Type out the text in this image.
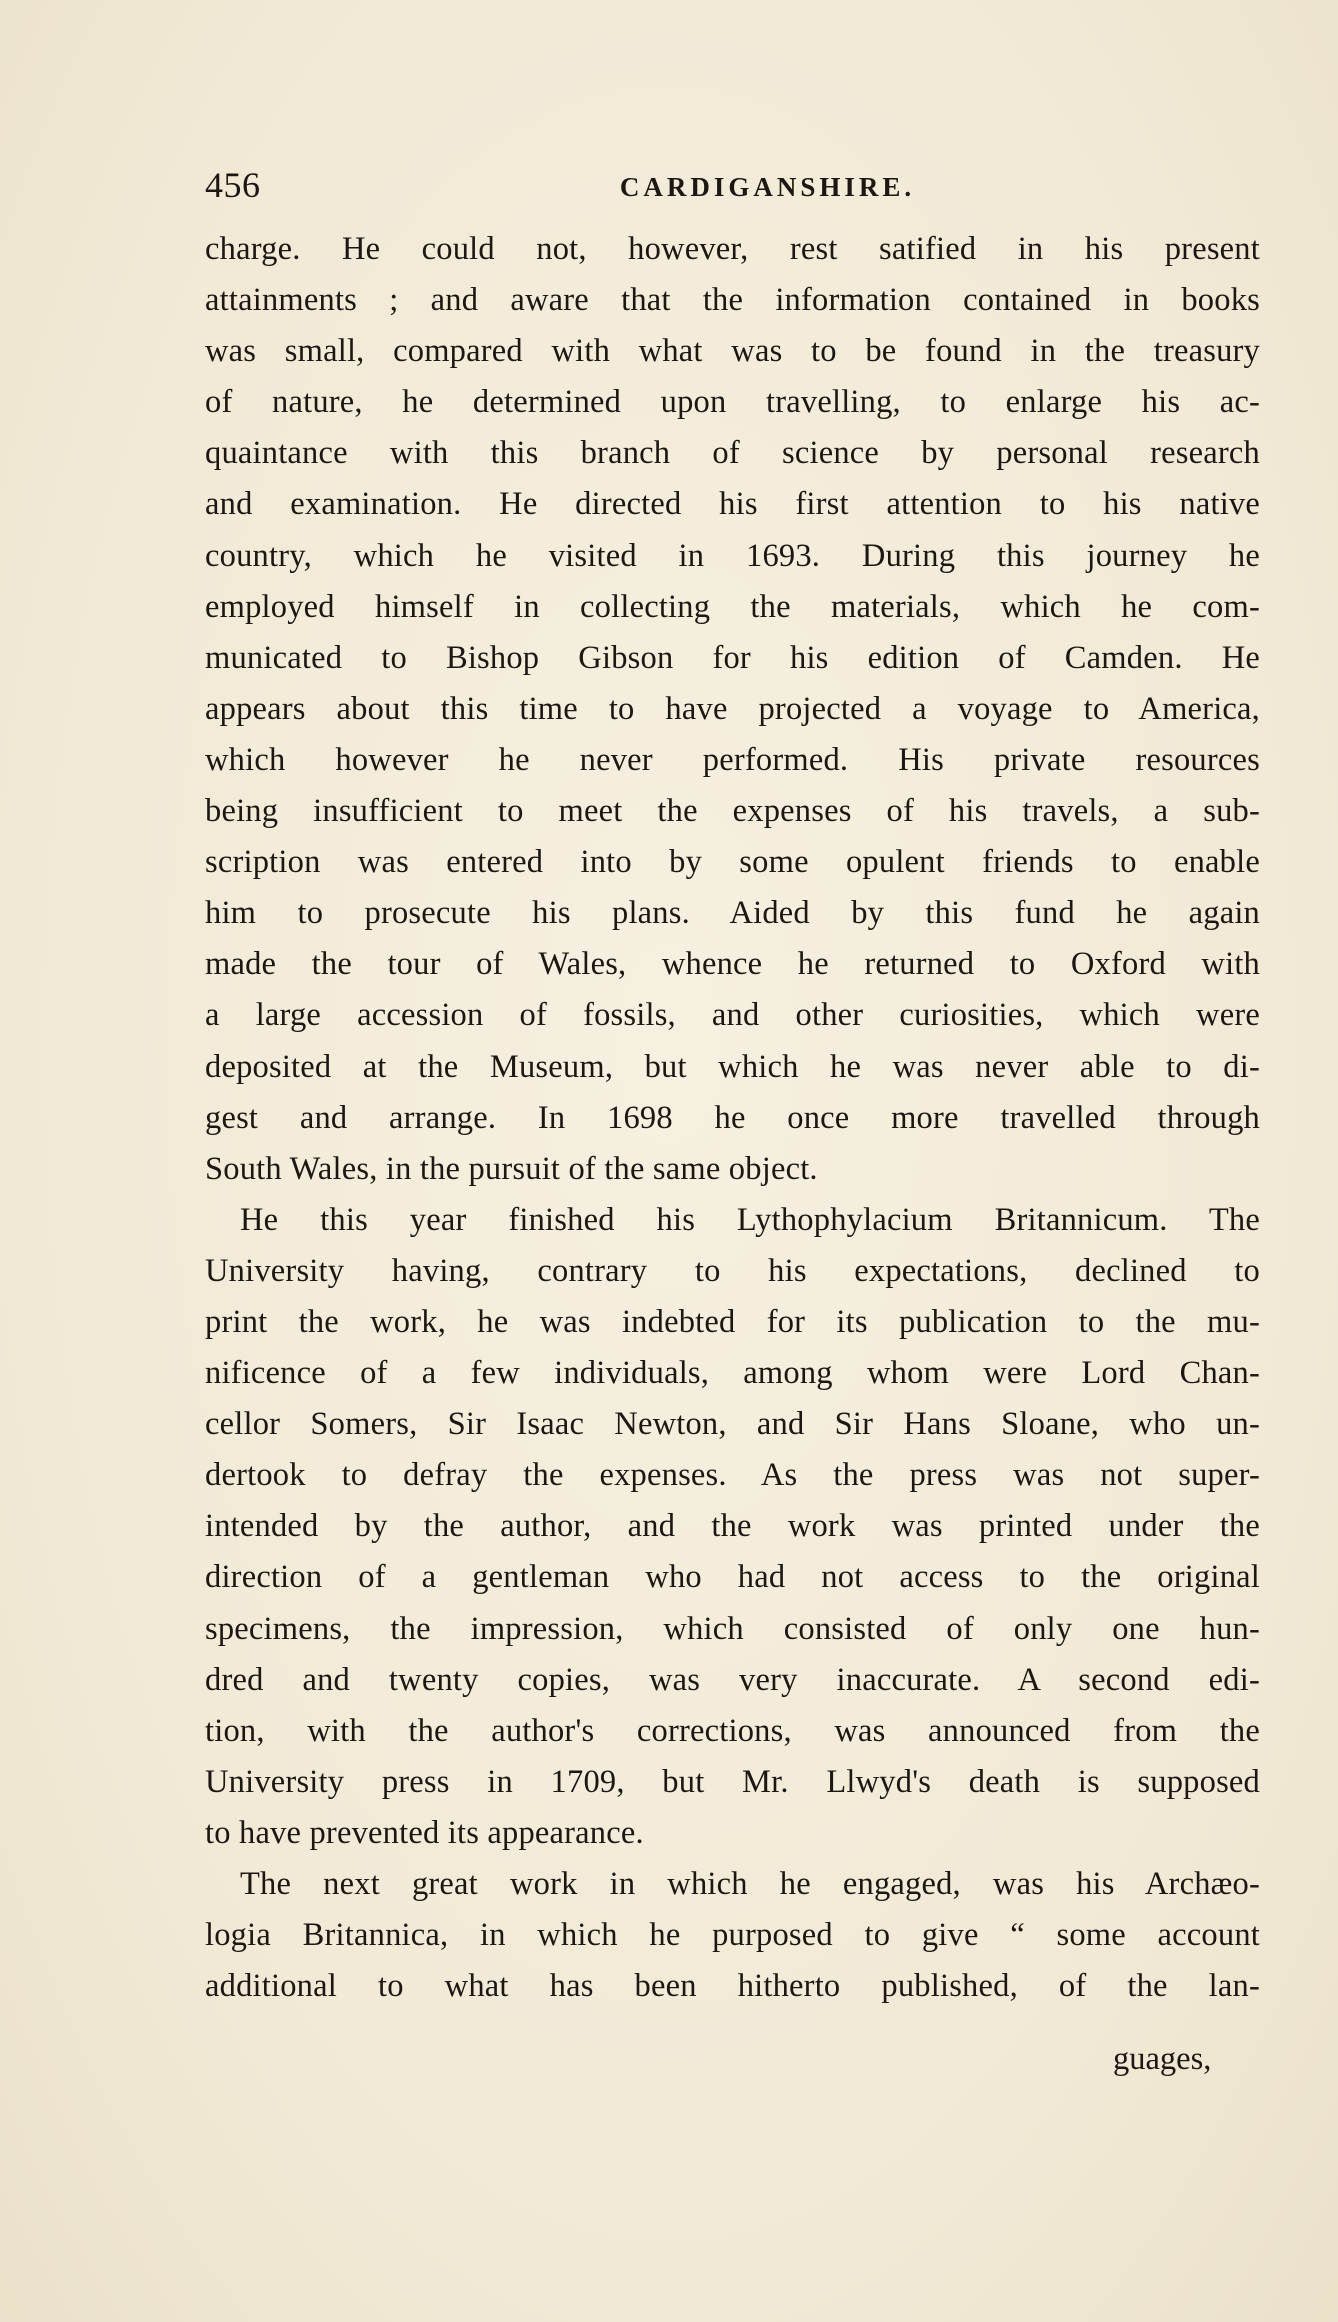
456	CARDIGANSHIRE.
charge. He could not, however, rest satified in his present
attainments ; and aware that the information contained in books
was small, compared with what was to be found in the treasury
of nature, he determined upon travelling, to enlarge his ac-
quaintance with this branch of science by personal research
and examination. He directed his first attention to his native
country, which he visited in 1693. During this journey he
employed himself in collecting the materials, which he com-
municated to Bishop Gibson for his edition of Camden. He
appears about this time to have projected a voyage to America,
which however he never performed. His private resources
being insufficient to meet the expenses of his travels, a sub-
scription was entered into by some opulent friends to enable
him to prosecute his plans. Aided by this fund he again
made the tour of Wales, whence he returned to Oxford with
a large accession of fossils, and other curiosities, which were
deposited at the Museum, but which he was never able to di-
gest and arrange. In 1698 he once more travelled through
South Wales, in the pursuit of the same object.
He this year finished his Lythophylacium Britannicum. The
University having, contrary to his expectations, declined to
print the work, he was indebted for its publication to the mu-
nificence of a few individuals, among whom were Lord Chan-
cellor Somers, Sir Isaac Newton, and Sir Hans Sloane, who un-
dertook to defray the expenses. As the press was not super-
intended by the author, and the work was printed under the
direction of a gentleman who had not access to the original
specimens, the impression, which consisted of only one hun-
dred and twenty copies, was very inaccurate. A second edi-
tion, with the author's corrections, was announced from the
University press in 1709, but Mr. Llwyd's death is supposed
to have prevented its appearance.
The next great work in which he engaged, was his Archæo-
logia Britannica, in which he purposed to give “ some account
additional to what has been hitherto published, of the lan-
guages,
